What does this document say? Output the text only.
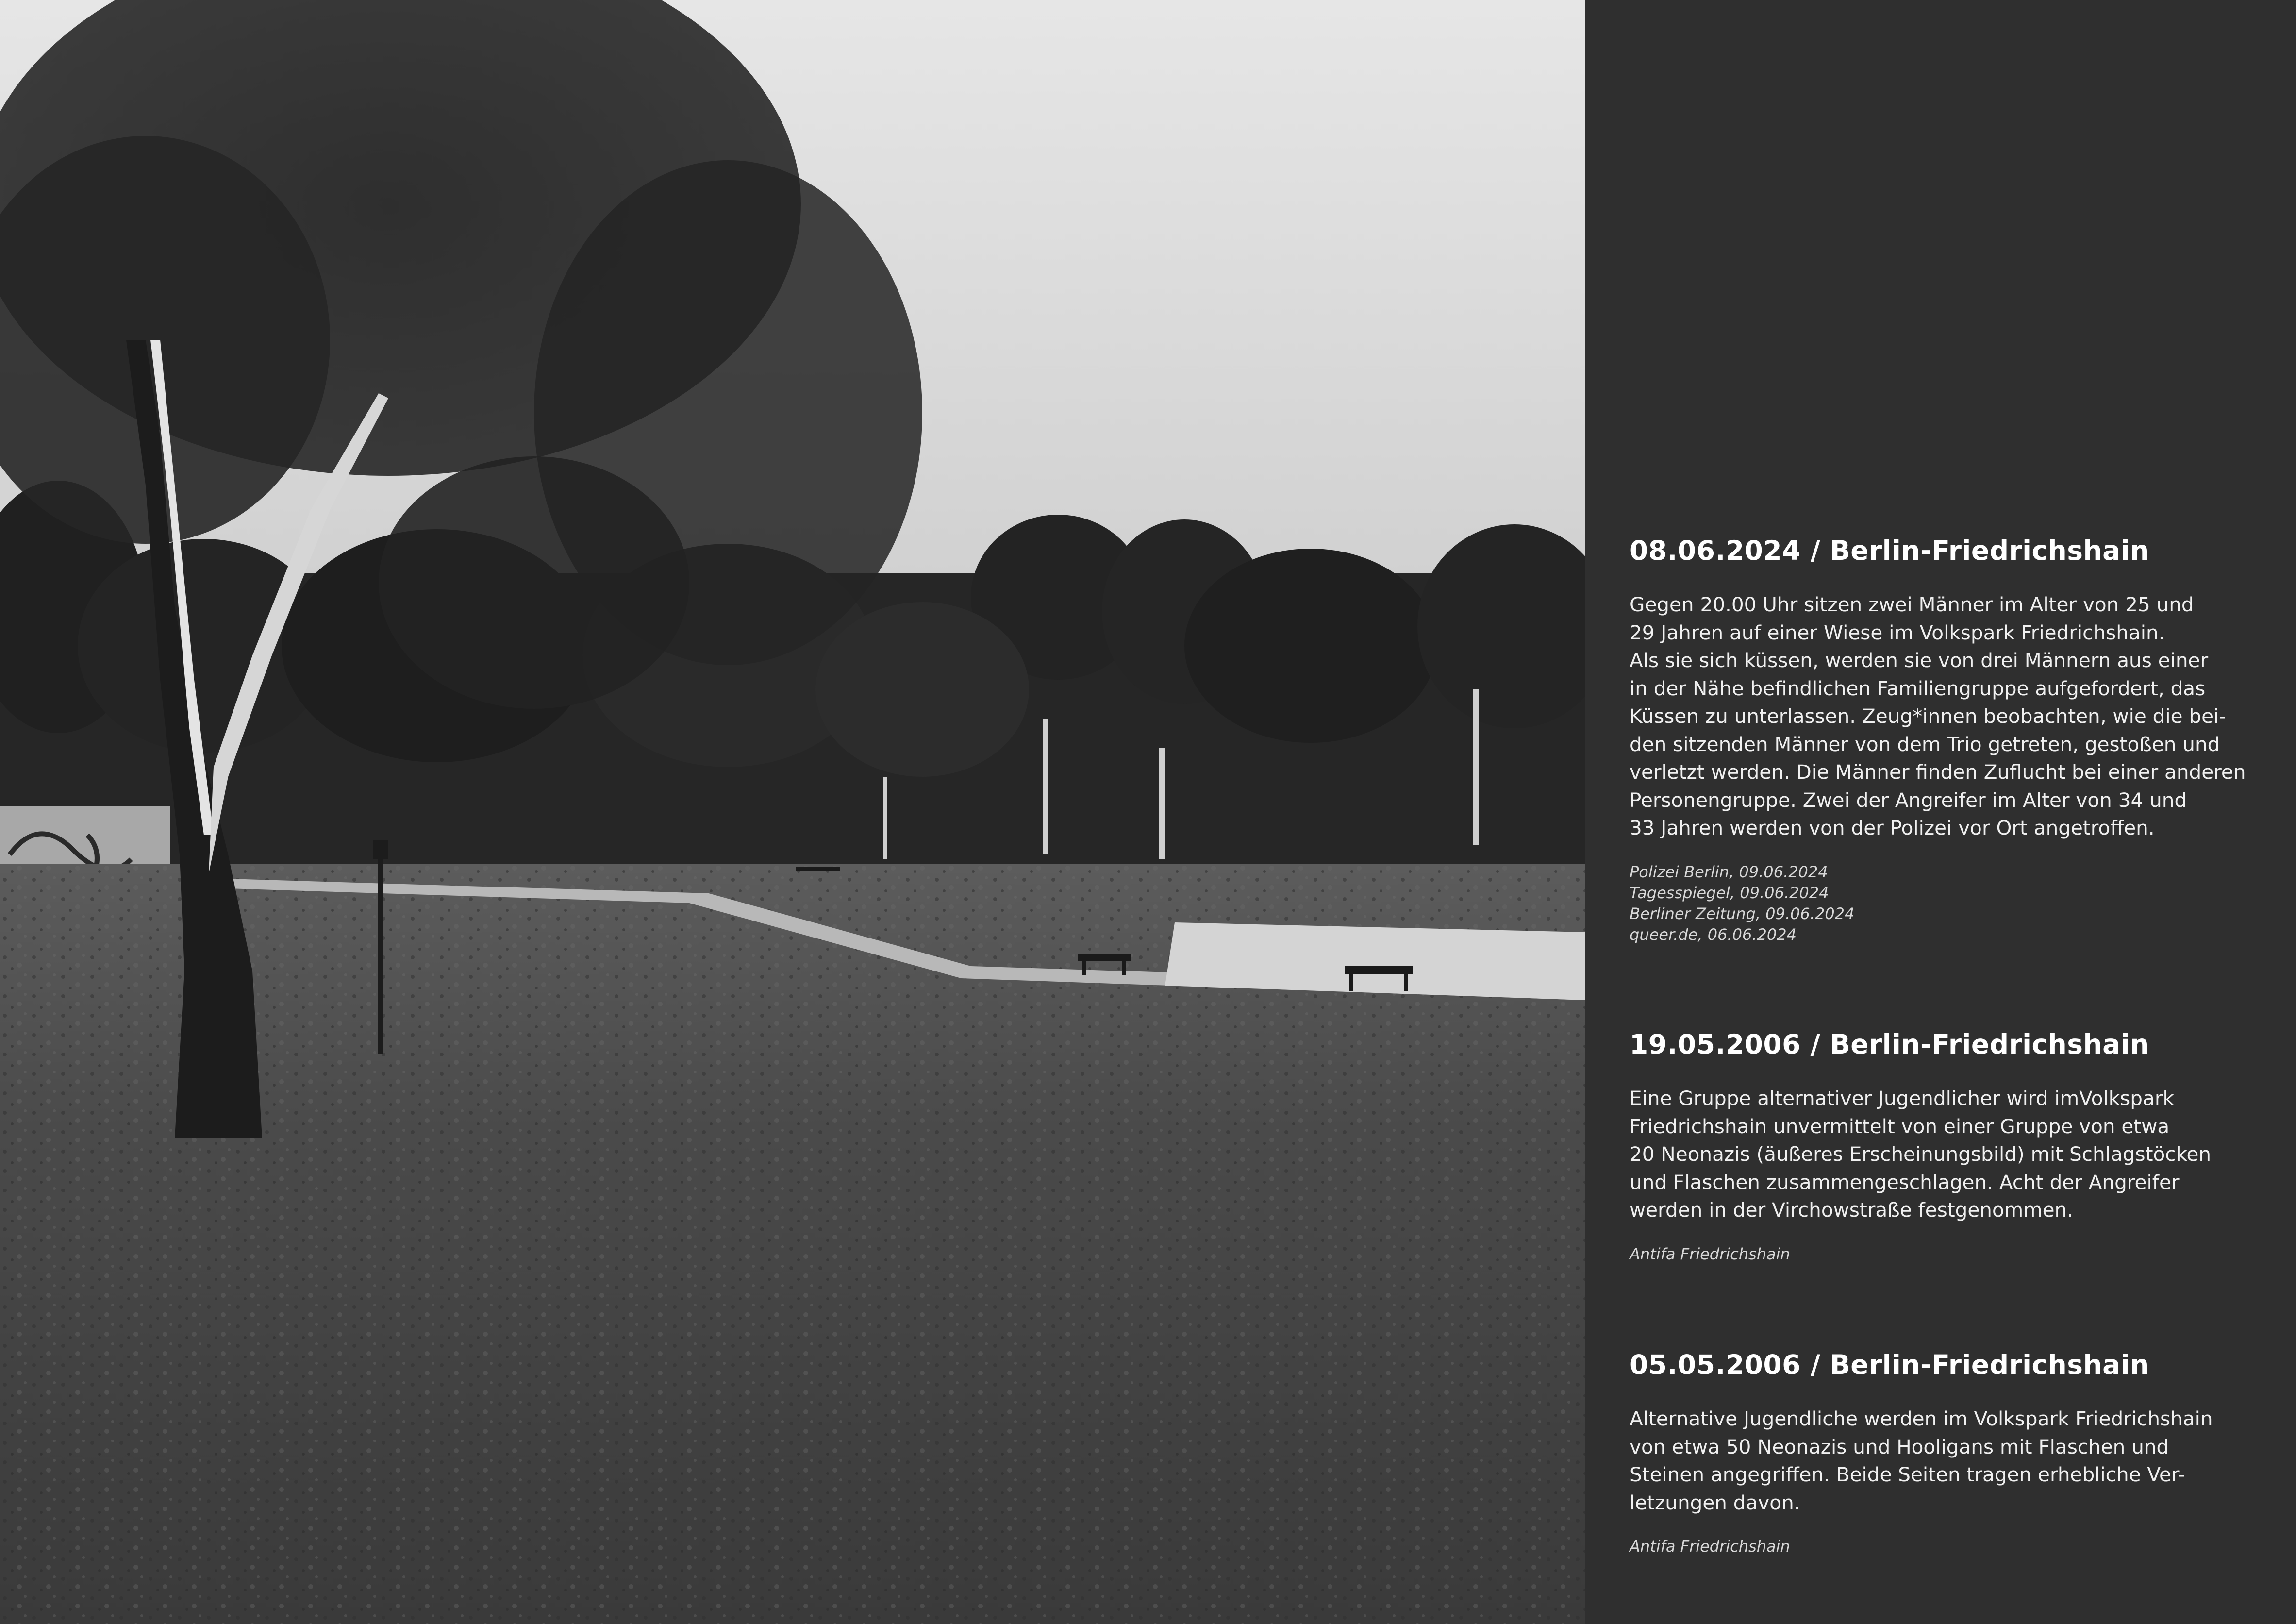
08.06.2024 / Berlin-Friedrichshain
Gegen 20.00 Uhr sitzen zwei Männer im Alter von 25 und
29 Jahren auf einer Wiese im Volkspark Friedrichshain.
Als sie sich küssen, werden sie von drei Männern aus einer
in der Nähe befindlichen Familiengruppe aufgefordert, das
Küssen zu unterlassen. Zeug*innen beobachten, wie die bei-
den sitzenden Männer von dem Trio getreten, gestoßen und
verletzt werden. Die Männer finden Zuflucht bei einer anderen
Personengruppe. Zwei der Angreifer im Alter von 34 und
33 Jahren werden von der Polizei vor Ort angetroffen.
Polizei Berlin, 09.06.2024
Tagesspiegel, 09.06.2024
Berliner Zeitung, 09.06.2024
queer.de, 06.06.2024
19.05.2006 / Berlin-Friedrichshain
Eine Gruppe alternativer Jugendlicher wird imVolkspark
Friedrichshain unvermittelt von einer Gruppe von etwa
20 Neonazis (äußeres Erscheinungsbild) mit Schlagstöcken
und Flaschen zusammengeschlagen. Acht der Angreifer
werden in der Virchowstraße festgenommen.
Antifa Friedrichshain
05.05.2006 / Berlin-Friedrichshain
Alternative Jugendliche werden im Volkspark Friedrichshain
von etwa 50 Neonazis und Hooligans mit Flaschen und
Steinen angegriffen. Beide Seiten tragen erhebliche Ver-
letzungen davon.
Antifa Friedrichshain
